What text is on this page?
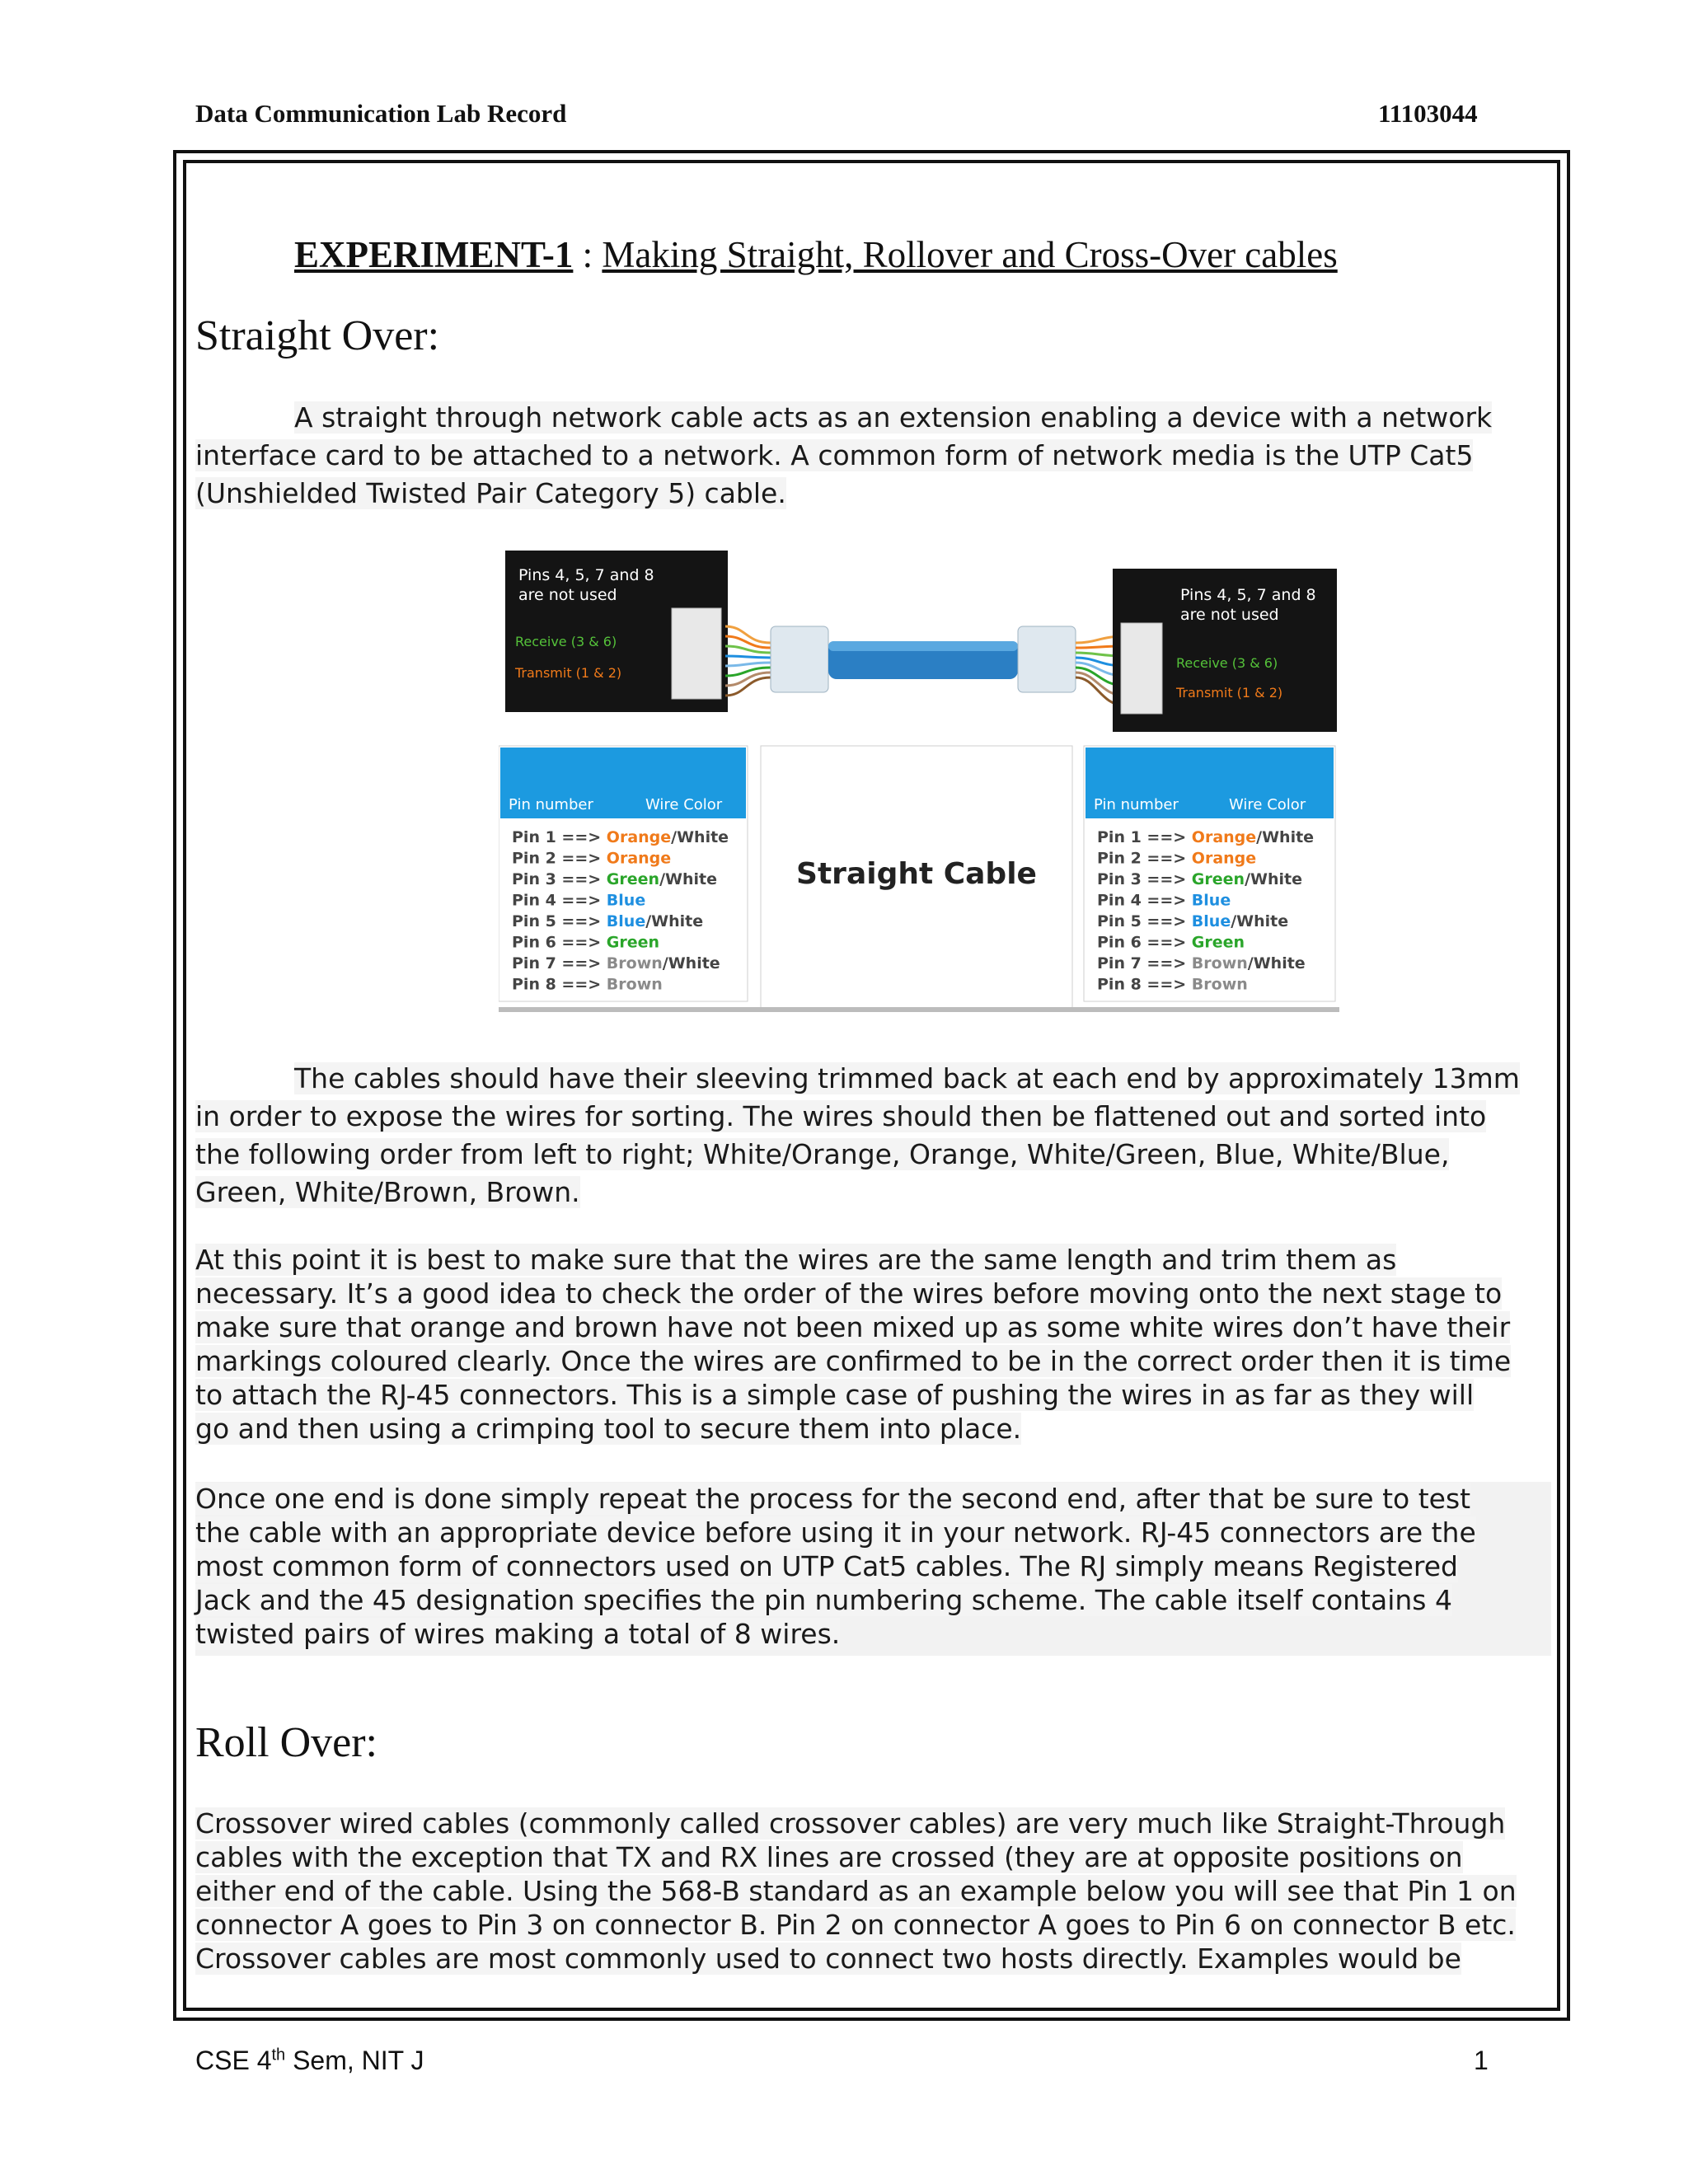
Data Communication Lab Record	11103044
EXPERIMENT-1 : Making Straight, Rollover and Cross-Over cables
Straight Over:
A straight through network cable acts as an extension enabling a device with a network
interface card to be attached to a network. A common form of network media is the UTP Cat5
(Unshielded Twisted Pair Category 5) cable.
Pins 4, 5, 7 and 8
are not used
Receive (3 & 6)
Transmit (1 & 2)
Pins 4, 5, 7 and 8
are not used
Receive (3 & 6)
Transmit (1 & 2)
Pin number	Wire Color
Pin 1 ==> Orange/White
Pin 2 ==> Orange
Pin 3 ==> Green/White
Pin 4 ==> Blue
Pin 5 ==> Blue/White
Pin 6 ==> Green
Pin 7 ==> Brown/White
Pin 8 ==> Brown
Straight Cable
Pin number	Wire Color
Pin 1 ==> Orange/White
Pin 2 ==> Orange
Pin 3 ==> Green/White
Pin 4 ==> Blue
Pin 5 ==> Blue/White
Pin 6 ==> Green
Pin 7 ==> Brown/White
Pin 8 ==> Brown
The cables should have their sleeving trimmed back at each end by approximately 13mm
in order to expose the wires for sorting. The wires should then be flattened out and sorted into
the following order from left to right; White/Orange, Orange, White/Green, Blue, White/Blue,
Green, White/Brown, Brown.
At this point it is best to make sure that the wires are the same length and trim them as
necessary. It’s a good idea to check the order of the wires before moving onto the next stage to
make sure that orange and brown have not been mixed up as some white wires don’t have their
markings coloured clearly. Once the wires are confirmed to be in the correct order then it is time
to attach the RJ-45 connectors. This is a simple case of pushing the wires in as far as they will
go and then using a crimping tool to secure them into place.
Once one end is done simply repeat the process for the second end, after that be sure to test
the cable with an appropriate device before using it in your network. RJ-45 connectors are the
most common form of connectors used on UTP Cat5 cables. The RJ simply means Registered
Jack and the 45 designation specifies the pin numbering scheme. The cable itself contains 4
twisted pairs of wires making a total of 8 wires.
Roll Over:
Crossover wired cables (commonly called crossover cables) are very much like Straight-Through
cables with the exception that TX and RX lines are crossed (they are at opposite positions on
either end of the cable. Using the 568-B standard as an example below you will see that Pin 1 on
connector A goes to Pin 3 on connector B. Pin 2 on connector A goes to Pin 6 on connector B etc.
Crossover cables are most commonly used to connect two hosts directly. Examples would be
CSE 4th Sem, NIT J	1
